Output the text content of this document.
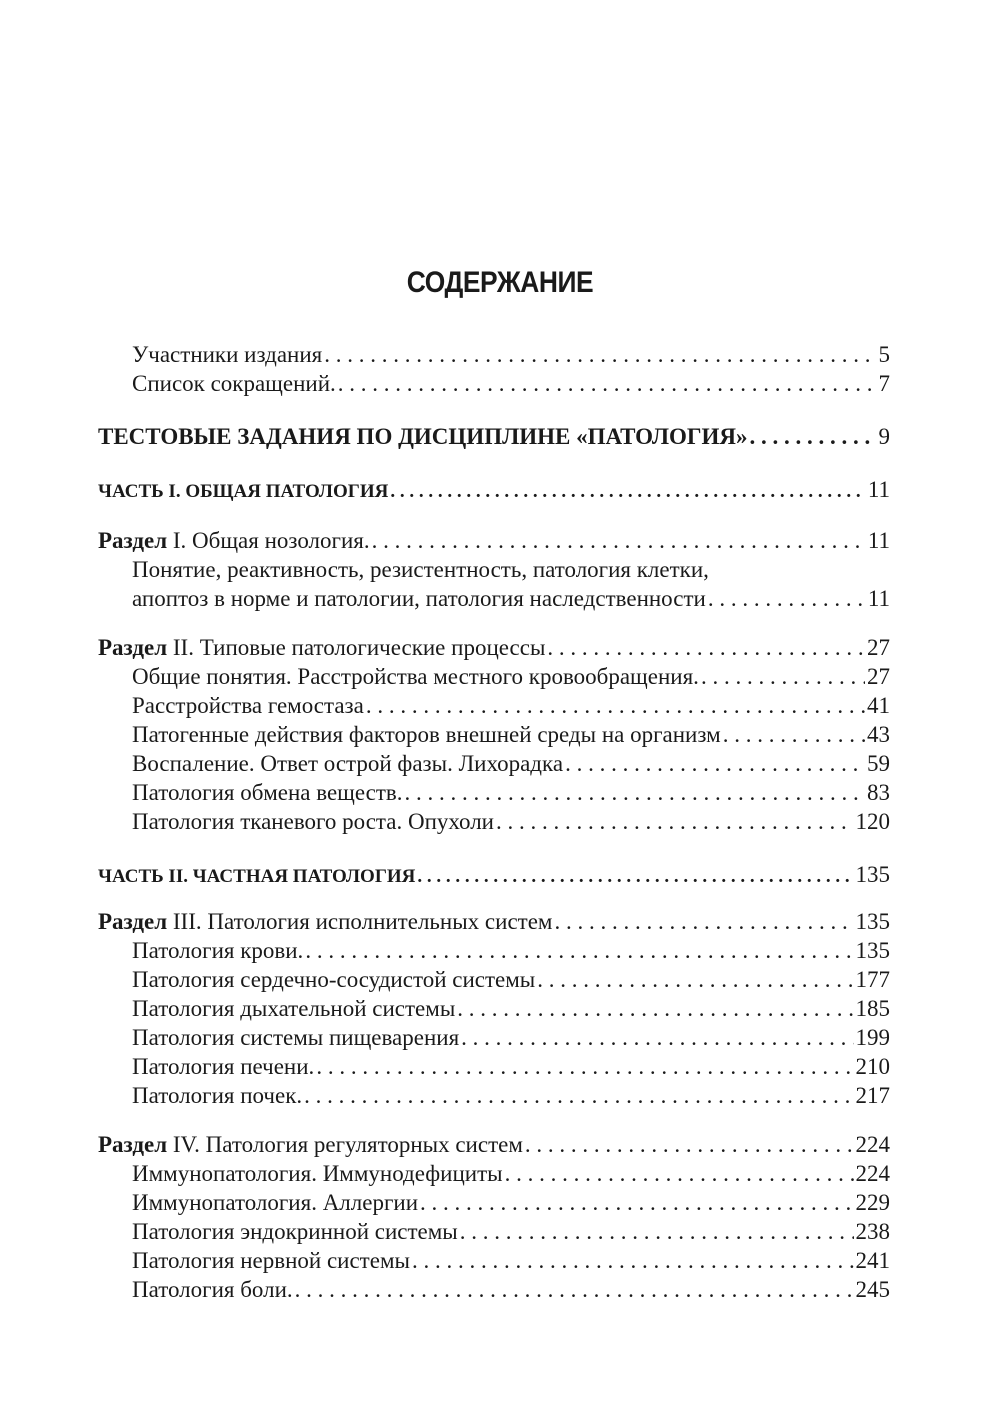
СОДЕРЖАНИЕ
Участники издания . . .	5
Список сокращений. . . .	7
ТЕСТОВЫЕ ЗАДАНИЯ ПО ДИСЦИПЛИНЕ «ПАТОЛОГИЯ» . . .	9
ЧАСТЬ I. ОБЩАЯ ПАТОЛОГИЯ . . .	11
Раздел I. Общая нозология. . . .	11
Понятие, реактивность, резистентность, патология клетки,
апоптоз в норме и патологии, патология наследственности . . .	11
Раздел II. Типовые патологические процессы . . .	27
Общие понятия. Расстройства местного кровообращения. . . .	27
Расстройства гемостаза . . .	41
Патогенные действия факторов внешней среды на организм . . .	43
Воспаление. Ответ острой фазы. Лихорадка . . .	59
Патология обмена веществ. . . .	83
Патология тканевого роста. Опухоли . . .	120
ЧАСТЬ II. ЧАСТНАЯ ПАТОЛОГИЯ . . .	135
Раздел III. Патология исполнительных систем . . .	135
Патология крови. . . .	135
Патология сердечно-сосудистой системы . . .	177
Патология дыхательной системы . . .	185
Патология системы пищеварения . . .	199
Патология печени. . . .	210
Патология почек. . . .	217
Раздел IV. Патология регуляторных систем . . .	224
Иммунопатология. Иммунодефициты . . .	224
Иммунопатология. Аллергии . . .	229
Патология эндокринной системы . . .	238
Патология нервной системы . . .	241
Патология боли. . . .	245
